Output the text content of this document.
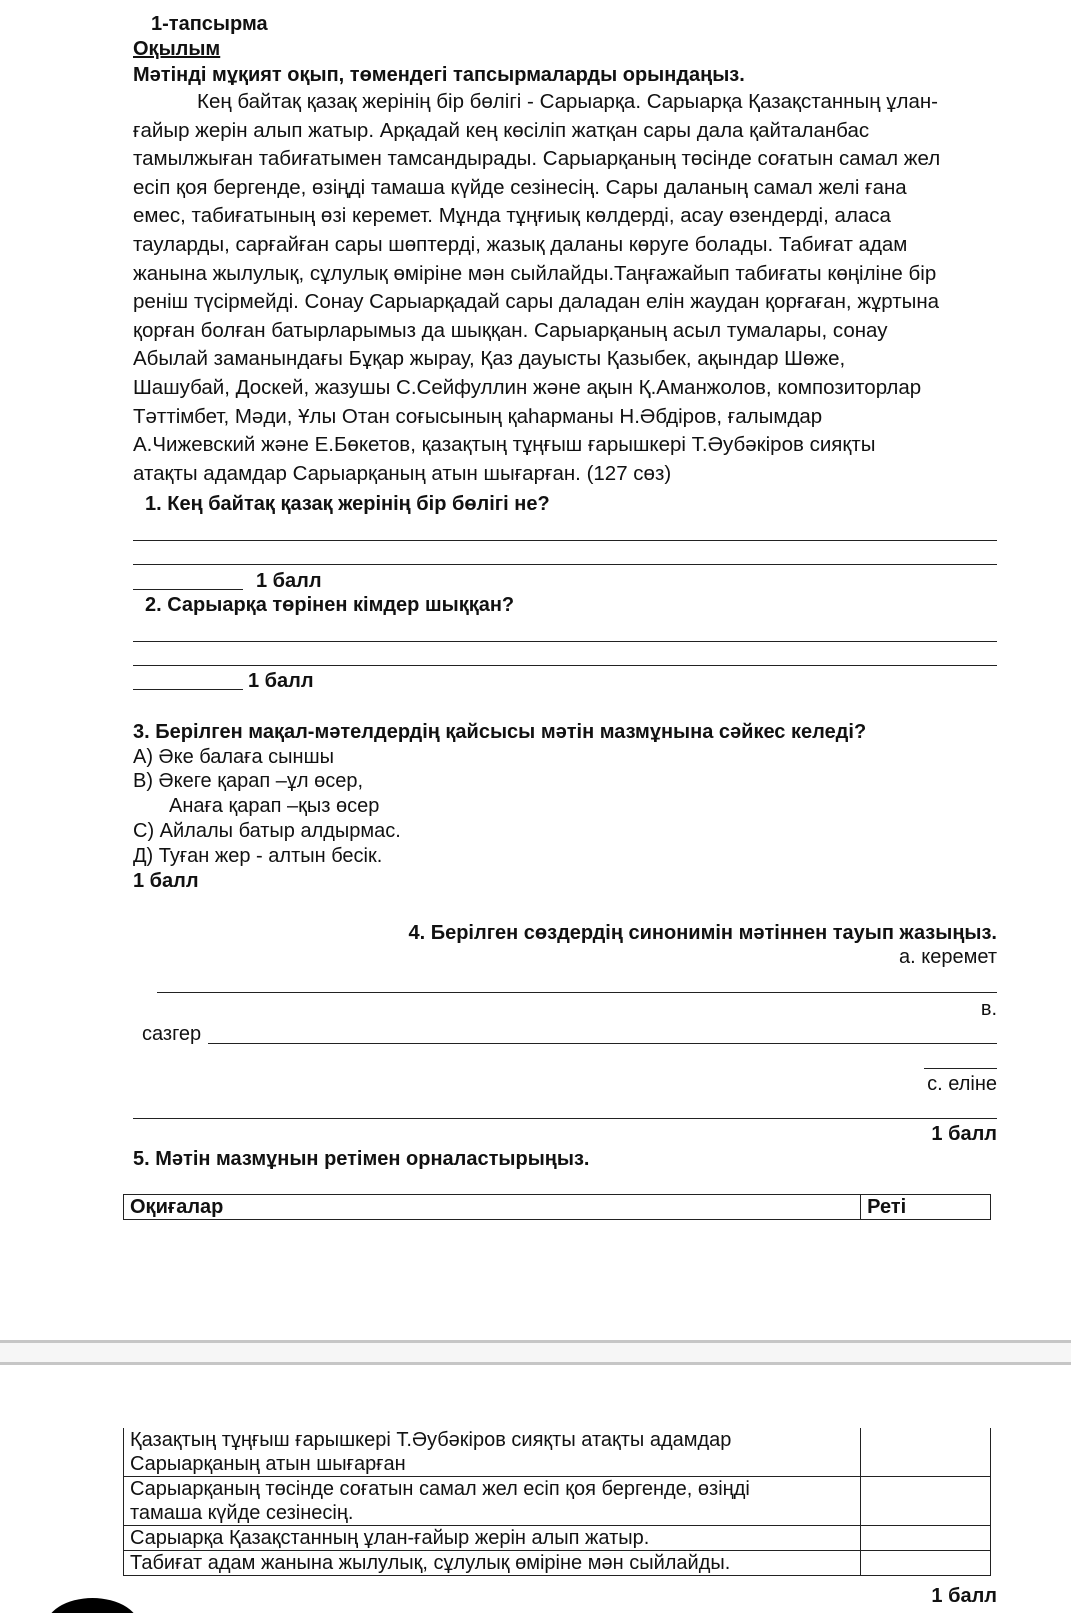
1-тапсырма
Оқылым
Мәтінді мұқият оқып, төмендегі тапсырмаларды орындаңыз.
Кең байтақ қазақ жерінің бір бөлігі - Сарыарқа. Сарыарқа Қазақстанның ұлан-
ғайыр жерін алып жатыр. Арқадай кең көсіліп жатқан сары дала қайталанбас
тамылжыған табиғатымен тамсандырады. Сарыарқаның төсінде соғатын самал жел
есіп қоя бергенде, өзіңді тамаша күйде сезінесің. Сары даланың самал желі ғана
емес, табиғатының өзі керемет. Мұнда тұңғиық көлдерді, асау өзендерді, аласа
тауларды, сарғайған сары шөптерді, жазық даланы көруге болады. Табиғат адам
жанына жылулық, сұлулық өміріне мән сыйлайды.Таңғажайып табиғаты көңіліне бір
реніш түсірмейді. Сонау Сарыарқадай сары даладан елін жаудан қорғаған, жұртына
қорған болған батырларымыз да шыққан. Сарыарқаның асыл тумалары, сонау
Абылай заманындағы Бұқар жырау, Қаз дауысты Қазыбек, ақындар Шөже,
Шашубай, Доскей, жазушы С.Сейфуллин және ақын Қ.Аманжолов, композиторлар
Тәттімбет, Мәди, Ұлы Отан соғысының қаһарманы Н.Әбдіров, ғалымдар
А.Чижевский және Е.Бөкетов, қазақтың тұңғыш ғарышкері Т.Әубәкіров сияқты
атақты адамдар Сарыарқаның атын шығарған. (127 сөз)
1. Кең байтақ қазақ жерінің бір бөлігі не?
1 балл
2. Сарыарқа төрінен кімдер шыққан?
1 балл
3. Берілген мақал-мәтелдердің қайсысы мәтін мазмұнына сәйкес келеді?
А) Әке балаға сыншы
В) Әкеге қарап –ұл өсер,
Анаға қарап –қыз өсер
С) Айлалы батыр алдырмас.
Д) Туған жер - алтын бесік.
1 балл
4. Берілген сөздердің синонимін мәтіннен тауып жазыңыз.
а. керемет
в.
сазгер
с. еліне
1 балл
5. Мәтін мазмұнын ретімен орналастырыңыз.
Оқиғалар	Реті
Қазақтың тұңғыш ғарышкері Т.Әубәкіров сияқты атақты адамдар
Сарыарқаның атын шығарған	

Сарыарқаның төсінде соғатын самал жел есіп қоя бергенде, өзіңді
тамаша күйде сезінесің.	

Сарыарқа Қазақстанның ұлан-ғайыр жерін алып жатыр.	
Табиғат адам жанына жылулық, сұлулық өміріне мән сыйлайды.	
1 балл
